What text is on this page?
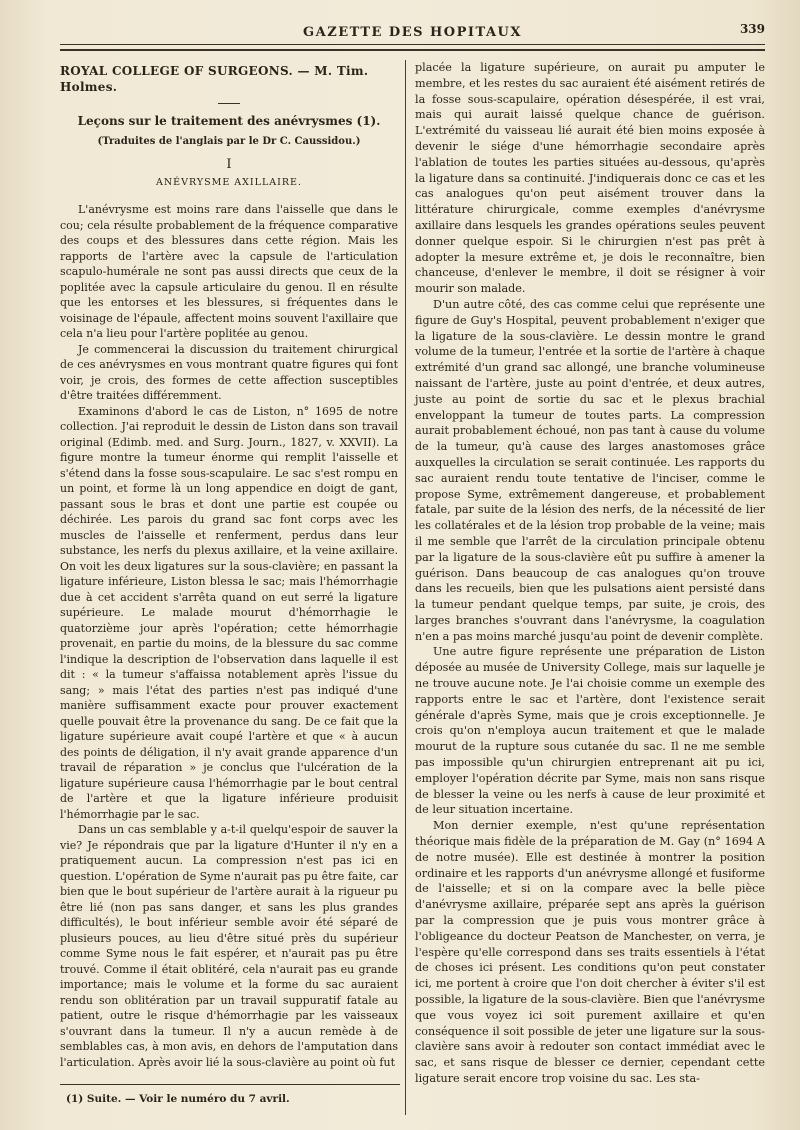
GAZETTE DES HOPITAUX	339
ROYAL COLLEGE OF SURGEONS. — M. Tim. Holmes.
Leçons sur le traitement des anévrysmes (1).
(Traduites de l'anglais par le Dr C. Caussidou.)
I
ANÉVRYSME AXILLAIRE.

L'anévrysme est moins rare dans l'aisselle que dans le cou; cela résulte probablement de la fréquence comparative des coups et des blessures dans cette région. Mais les rapports de l'artère avec la capsule de l'articulation scapulo-humérale ne sont pas aussi directs que ceux de la poplitée avec la capsule articulaire du genou. Il en résulte que les entorses et les blessures, si fréquentes dans le voisinage de l'épaule, affectent moins souvent l'axillaire que cela n'a lieu pour l'artère poplitée au genou.

Je commencerai la discussion du traitement chirurgical de ces anévrysmes en vous montrant quatre figures qui font voir, je crois, des formes de cette affection susceptibles d'être traitées différemment.

Examinons d'abord le cas de Liston, n° 1695 de notre collection. J'ai reproduit le dessin de Liston dans son travail original (Edimb. med. and Surg. Journ., 1827, v. XXVII). La figure montre la tumeur énorme qui remplit l'aisselle et s'étend dans la fosse sous-scapulaire. Le sac s'est rompu en un point, et forme là un long appendice en doigt de gant, passant sous le bras et dont une partie est coupée ou déchirée. Les parois du grand sac font corps avec les muscles de l'aisselle et renferment, perdus dans leur substance, les nerfs du plexus axillaire, et la veine axillaire. On voit les deux ligatures sur la sous-clavière; en passant la ligature inférieure, Liston blessa le sac; mais l'hémorrhagie due à cet accident s'arrêta quand on eut serré la ligature supérieure. Le malade mourut d'hémorrhagie le quatorzième jour après l'opération; cette hémorrhagie provenait, en partie du moins, de la blessure du sac comme l'indique la description de l'observation dans laquelle il est dit : « la tumeur s'affaissa notablement après l'issue du sang; » mais l'état des parties n'est pas indiqué d'une manière suffisamment exacte pour prouver exactement quelle pouvait être la provenance du sang. De ce fait que la ligature supérieure avait coupé l'artère et que « à aucun des points de déligation, il n'y avait grande apparence d'un travail de réparation » je conclus que l'ulcération de la ligature supérieure causa l'hémorrhagie par le bout central de l'artère et que la ligature inférieure produisit l'hémorrhagie par le sac.

Dans un cas semblable y a-t-il quelqu'espoir de sauver la vie? Je répondrais que par la ligature d'Hunter il n'y en a pratiquement aucun. La compression n'est pas ici en question. L'opération de Syme n'aurait pas pu être faite, car bien que le bout supérieur de l'artère aurait à la rigueur pu être lié (non pas sans danger, et sans les plus grandes difficultés), le bout inférieur semble avoir été séparé de plusieurs pouces, au lieu d'être situé près du supérieur comme Syme nous le fait espérer, et n'aurait pas pu être trouvé. Comme il était oblitéré, cela n'aurait pas eu grande importance; mais le volume et la forme du sac auraient rendu son oblitération par un travail suppuratif fatale au patient, outre le risque d'hémorrhagie par les vaisseaux s'ouvrant dans la tumeur. Il n'y a aucun remède à de semblables cas, à mon avis, en dehors de l'amputation dans l'articulation. Après avoir lié la sous-clavière au point où fut

placée la ligature supérieure, on aurait pu amputer le membre, et les restes du sac auraient été aisément retirés de la fosse sous-scapulaire, opération désespérée, il est vrai, mais qui aurait laissé quelque chance de guérison. L'extrémité du vaisseau lié aurait été bien moins exposée à devenir le siége d'une hémorrhagie secondaire après l'ablation de toutes les parties situées au-dessous, qu'après la ligature dans sa continuité. J'indiquerais donc ce cas et les cas analogues qu'on peut aisément trouver dans la littérature chirurgicale, comme exemples d'anévrysme axillaire dans lesquels les grandes opérations seules peuvent donner quelque espoir. Si le chirurgien n'est pas prêt à adopter la mesure extrême et, je dois le reconnaître, bien chanceuse, d'enlever le membre, il doit se résigner à voir mourir son malade.

D'un autre côté, des cas comme celui que représente une figure de Guy's Hospital, peuvent probablement n'exiger que la ligature de la sous-clavière. Le dessin montre le grand volume de la tumeur, l'entrée et la sortie de l'artère à chaque extrémité d'un grand sac allongé, une branche volumineuse naissant de l'artère, juste au point d'entrée, et deux autres, juste au point de sortie du sac et le plexus brachial enveloppant la tumeur de toutes parts. La compression aurait probablement échoué, non pas tant à cause du volume de la tumeur, qu'à cause des larges anastomoses grâce auxquelles la circulation se serait continuée. Les rapports du sac auraient rendu toute tentative de l'inciser, comme le propose Syme, extrêmement dangereuse, et probablement fatale, par suite de la lésion des nerfs, de la nécessité de lier les collatérales et de la lésion trop probable de la veine; mais il me semble que l'arrêt de la circulation principale obtenu par la ligature de la sous-clavière eût pu suffire à amener la guérison. Dans beaucoup de cas analogues qu'on trouve dans les recueils, bien que les pulsations aient persisté dans la tumeur pendant quelque temps, par suite, je crois, des larges branches s'ouvrant dans l'anévrysme, la coagulation n'en a pas moins marché jusqu'au point de devenir complète.

Une autre figure représente une préparation de Liston déposée au musée de University College, mais sur laquelle je ne trouve aucune note. Je l'ai choisie comme un exemple des rapports entre le sac et l'artère, dont l'existence serait générale d'après Syme, mais que je crois exceptionnelle. Je crois qu'on n'employa aucun traitement et que le malade mourut de la rupture sous cutanée du sac. Il ne me semble pas impossible qu'un chirurgien entreprenant ait pu ici, employer l'opération décrite par Syme, mais non sans risque de blesser la veine ou les nerfs à cause de leur proximité et de leur situation incertaine.

Mon dernier exemple, n'est qu'une représentation théorique mais fidèle de la préparation de M. Gay (n° 1694 A de notre musée). Elle est destinée à montrer la position ordinaire et les rapports d'un anévrysme allongé et fusiforme de l'aisselle; et si on la compare avec la belle pièce d'anévrysme axillaire, préparée sept ans après la guérison par la compression que je puis vous montrer grâce à l'obligeance du docteur Peatson de Manchester, on verra, je l'espère qu'elle correspond dans ses traits essentiels à l'état de choses ici présent. Les conditions qu'on peut constater ici, me portent à croire que l'on doit chercher à éviter s'il est possible, la ligature de la sous-clavière. Bien que l'anévrysme que vous voyez ici soit purement axillaire et qu'en conséquence il soit possible de jeter une ligature sur la sous-clavière sans avoir à redouter son contact immédiat avec le sac, et sans risque de blesser ce dernier, cependant cette ligature serait encore trop voisine du sac. Les sta-

(1) Suite. — Voir le numéro du 7 avril.
